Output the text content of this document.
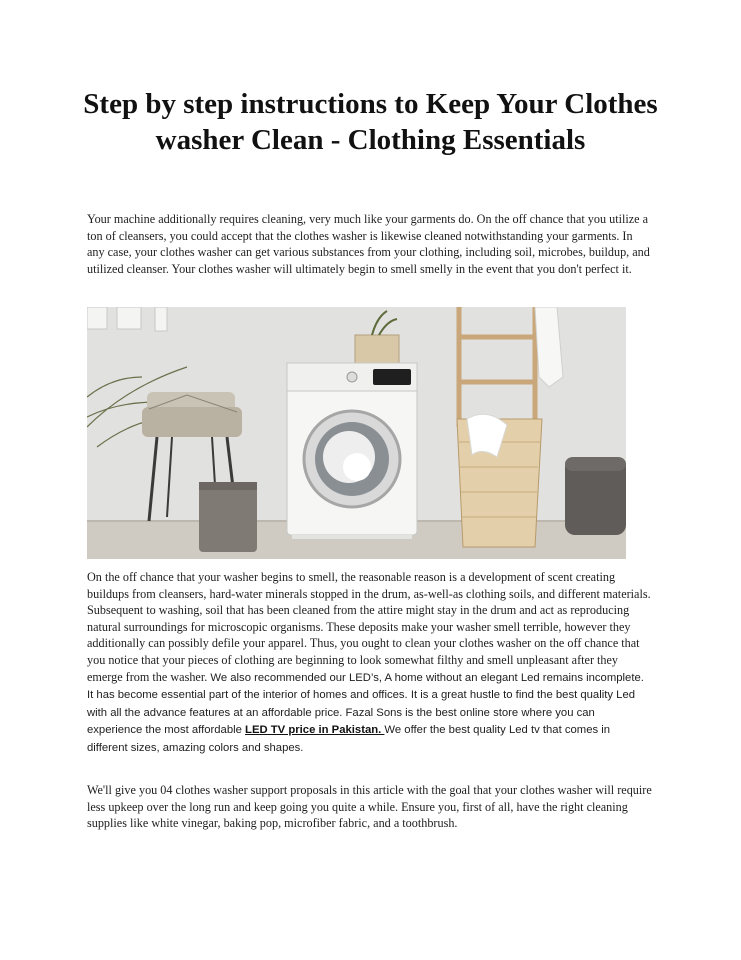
Step by step instructions to Keep Your Clothes washer Clean - Clothing Essentials

Your machine additionally requires cleaning, very much like your garments do. On the off chance that you utilize a ton of cleansers, you could accept that the clothes washer is likewise cleaned notwithstanding your garments. In any case, your clothes washer can get various substances from your clothing, including soil, microbes, buildup, and utilized cleanser. Your clothes washer will ultimately begin to smell smelly in the event that you don't perfect it.

On the off chance that your washer begins to smell, the reasonable reason is a development of scent creating buildups from cleansers, hard-water minerals stopped in the drum, as-well-as clothing soils, and different materials. Subsequent to washing, soil that has been cleaned from the attire might stay in the drum and act as reproducing natural surroundings for microscopic organisms. These deposits make your washer smell terrible, however they additionally can possibly defile your apparel. Thus, you ought to clean your clothes washer on the off chance that you notice that your pieces of clothing are beginning to look somewhat filthy and smell unpleasant after they emerge from the washer. We also recommended our LED’s, A home without an elegant Led remains incomplete. It has become essential part of the interior of homes and offices. It is a great hustle to find the best quality Led with all the advance features at an affordable price. Fazal Sons is the best online store where you can experience the most affordable LED TV price in Pakistan. We offer the best quality Led tv that comes in different sizes, amazing colors and shapes.

We'll give you 04 clothes washer support proposals in this article with the goal that your clothes washer will require less upkeep over the long run and keep going you quite a while. Ensure you, first of all, have the right cleaning supplies like white vinegar, baking pop, microfiber fabric, and a toothbrush.
